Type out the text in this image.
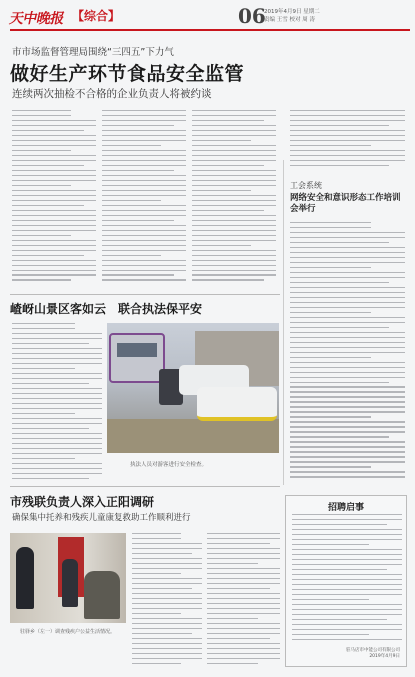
天中晚报 【综合】	06
2019年4月9日 星期二
责编 王雪 校对 周 涛
市市场监督管理局围绕“三四五”下力气
做好生产环节食品安全监管
连续两次抽检不合格的企业负责人将被约谈
工会系统
网络安全和意识形态工作培训会举行
嵖岈山景区客如云　联合执法保平安
执法人员对游客进行安全检查。
市残联负责人深入正阳调研
确保集中托养和残疾儿童康复救助工作顺利进行
驻驿乡（左一）调查残疾户公益生活情况。
招聘启事
驻马店市中能公司有限公司
2019年4月9日
